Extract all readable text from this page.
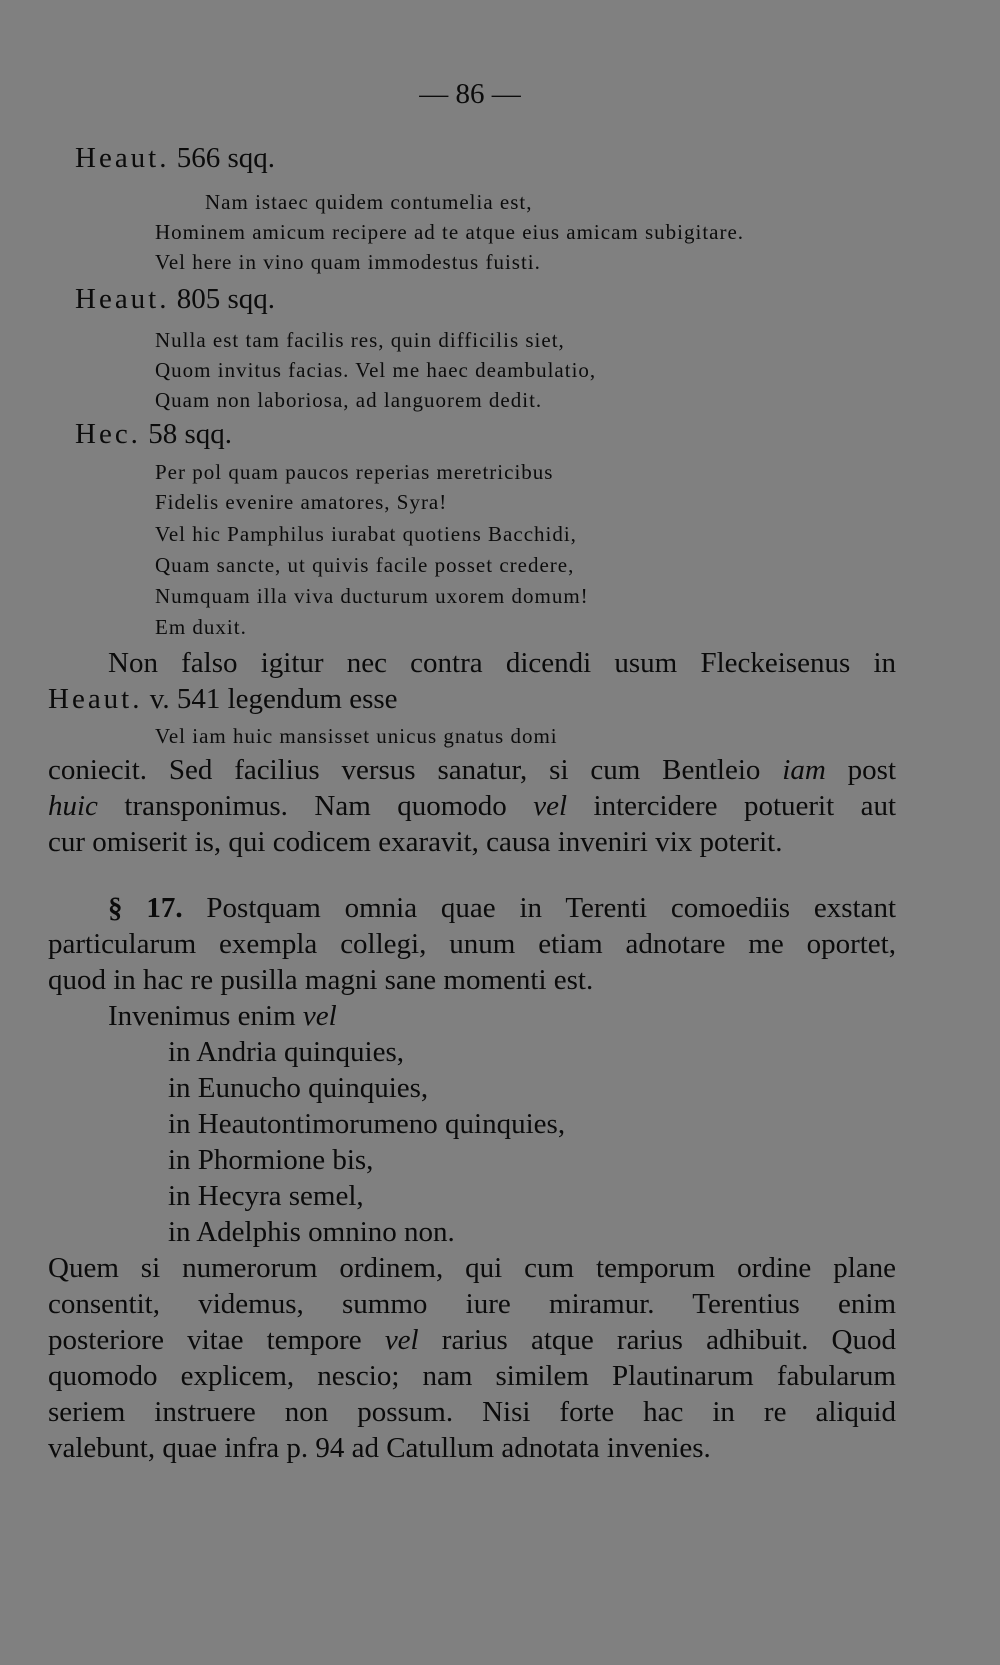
— 86 —
Heaut. 566 sqq.
Nam istaec quidem contumelia est,
Hominem amicum recipere ad te atque eius amicam subigitare.
Vel here in vino quam immodestus fuisti.
Heaut. 805 sqq.
Nulla est tam facilis res, quin difficilis siet,
Quom invitus facias. Vel me haec deambulatio,
Quam non laboriosa, ad languorem dedit.
Hec. 58 sqq.
Per pol quam paucos reperias meretricibus
Fidelis evenire amatores, Syra!
Vel hic Pamphilus iurabat quotiens Bacchidi,
Quam sancte, ut quivis facile posset credere,
Numquam illa viva ducturum uxorem domum!
Em duxit.
Non falso igitur nec contra dicendi usum Fleckeisenus in
Heaut. v. 541 legendum esse
Vel iam huic mansisset unicus gnatus domi
coniecit. Sed facilius versus sanatur, si cum Bentleio iam post
huic transponimus. Nam quomodo vel intercidere potuerit aut
cur omiserit is, qui codicem exaravit, causa inveniri vix poterit.
§ 17. Postquam omnia quae in Terenti comoediis exstant
particularum exempla collegi, unum etiam adnotare me oportet,
quod in hac re pusilla magni sane momenti est.
Invenimus enim vel
in Andria quinquies,
in Eunucho quinquies,
in Heautontimorumeno quinquies,
in Phormione bis,
in Hecyra semel,
in Adelphis omnino non.
Quem si numerorum ordinem, qui cum temporum ordine plane
consentit, videmus, summo iure miramur. Terentius enim
posteriore vitae tempore vel rarius atque rarius adhibuit. Quod
quomodo explicem, nescio; nam similem Plautinarum fabularum
seriem instruere non possum. Nisi forte hac in re aliquid
valebunt, quae infra p. 94 ad Catullum adnotata invenies.
